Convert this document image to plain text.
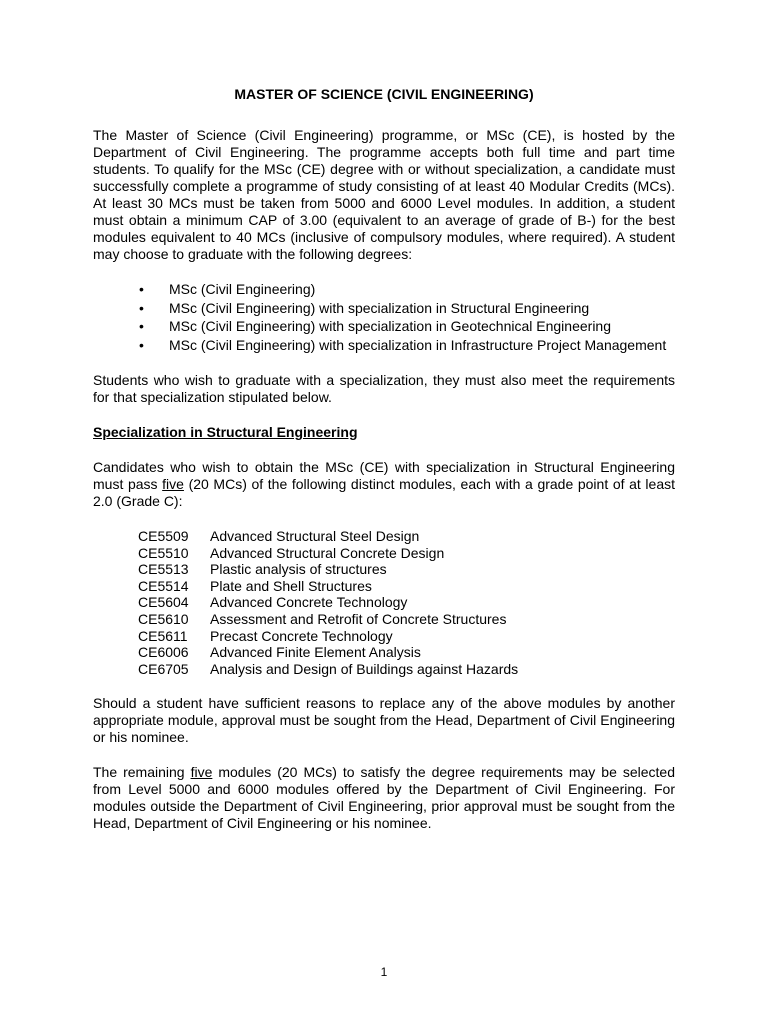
MASTER OF SCIENCE (CIVIL ENGINEERING)

The Master of Science (Civil Engineering) programme, or MSc (CE), is hosted by the Department of Civil Engineering. The programme accepts both full time and part time students. To qualify for the MSc (CE) degree with or without specialization, a candidate must successfully complete a programme of study consisting of at least 40 Modular Credits (MCs). At least 30 MCs must be taken from 5000 and 6000 Level modules. In addition, a student must obtain a minimum CAP of 3.00 (equivalent to an average of grade of B-) for the best modules equivalent to 40 MCs (inclusive of compulsory modules, where required). A student may choose to graduate with the following degrees:

• MSc (Civil Engineering)
• MSc (Civil Engineering) with specialization in Structural Engineering
• MSc (Civil Engineering) with specialization in Geotechnical Engineering
• MSc (Civil Engineering) with specialization in Infrastructure Project Management

Students who wish to graduate with a specialization, they must also meet the requirements for that specialization stipulated below.

Specialization in Structural Engineering

Candidates who wish to obtain the MSc (CE) with specialization in Structural Engineering must pass five (20 MCs) of the following distinct modules, each with a grade point of at least 2.0 (Grade C):

CE5509	Advanced Structural Steel Design
CE5510	Advanced Structural Concrete Design
CE5513	Plastic analysis of structures
CE5514	Plate and Shell Structures
CE5604	Advanced Concrete Technology
CE5610	Assessment and Retrofit of Concrete Structures
CE5611	Precast Concrete Technology
CE6006	Advanced Finite Element Analysis
CE6705	Analysis and Design of Buildings against Hazards

Should a student have sufficient reasons to replace any of the above modules by another appropriate module, approval must be sought from the Head, Department of Civil Engineering or his nominee.

The remaining five modules (20 MCs) to satisfy the degree requirements may be selected from Level 5000 and 6000 modules offered by the Department of Civil Engineering. For modules outside the Department of Civil Engineering, prior approval must be sought from the Head, Department of Civil Engineering or his nominee.

1
